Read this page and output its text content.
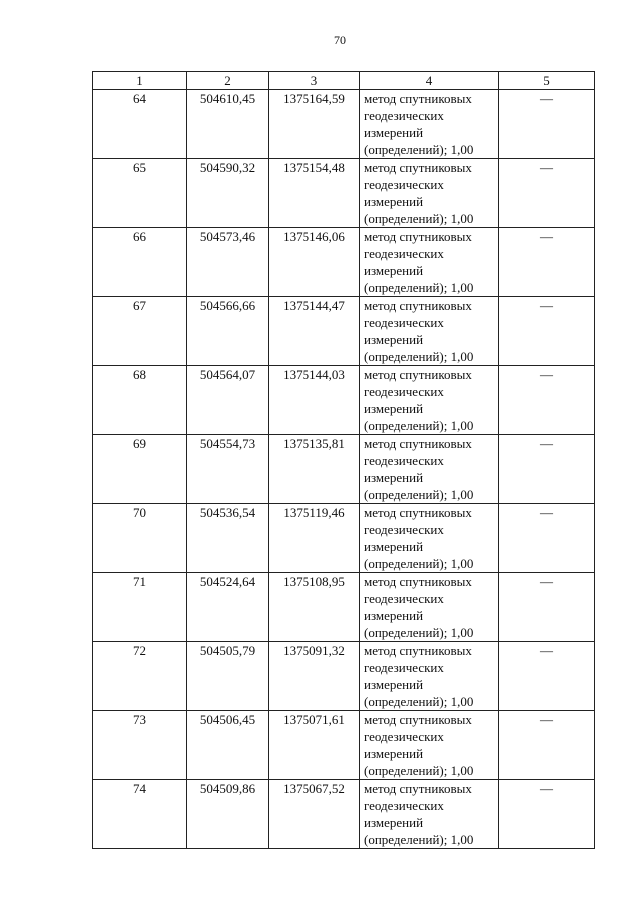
70
1	2	3	4	5
64	504610,45	1375164,59	метод спутниковых
геодезических
измерений
(определений); 1,00	—
65	504590,32	1375154,48	метод спутниковых
геодезических
измерений
(определений); 1,00	—
66	504573,46	1375146,06	метод спутниковых
геодезических
измерений
(определений); 1,00	—
67	504566,66	1375144,47	метод спутниковых
геодезических
измерений
(определений); 1,00	—
68	504564,07	1375144,03	метод спутниковых
геодезических
измерений
(определений); 1,00	—
69	504554,73	1375135,81	метод спутниковых
геодезических
измерений
(определений); 1,00	—
70	504536,54	1375119,46	метод спутниковых
геодезических
измерений
(определений); 1,00	—
71	504524,64	1375108,95	метод спутниковых
геодезических
измерений
(определений); 1,00	—
72	504505,79	1375091,32	метод спутниковых
геодезических
измерений
(определений); 1,00	—
73	504506,45	1375071,61	метод спутниковых
геодезических
измерений
(определений); 1,00	—
74	504509,86	1375067,52	метод спутниковых
геодезических
измерений
(определений); 1,00	—
